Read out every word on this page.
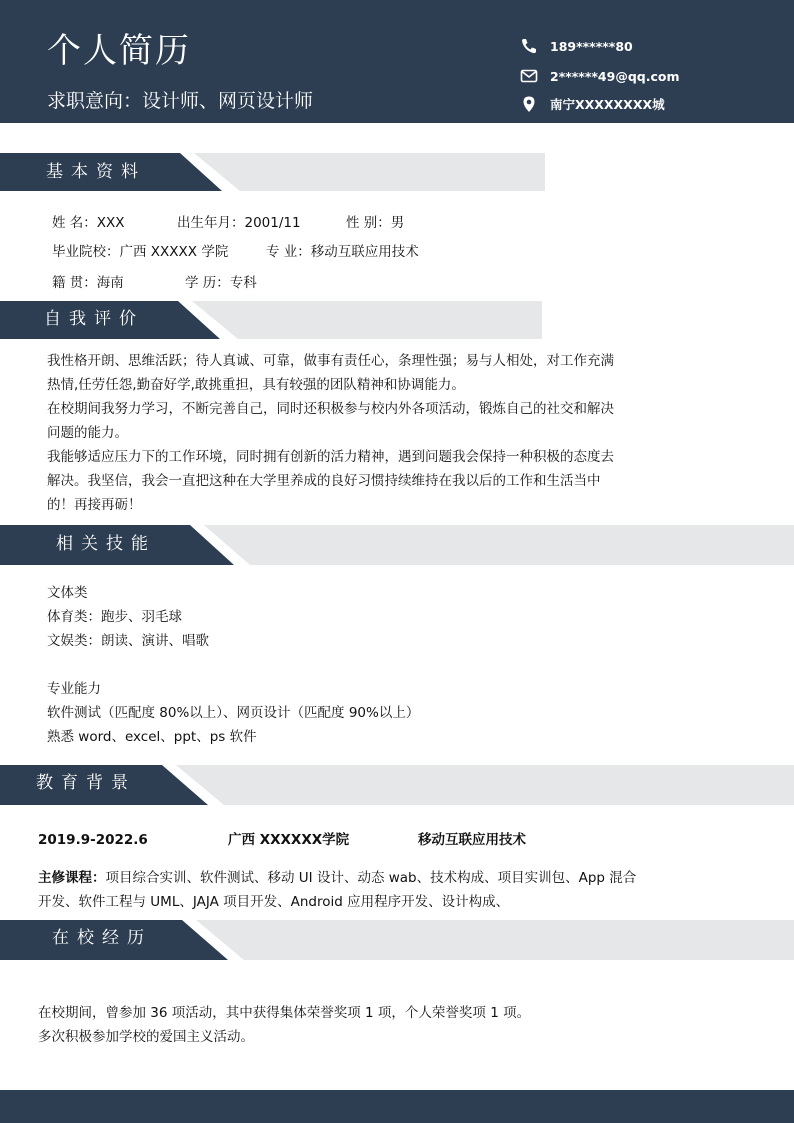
个人简历
求职意向：设计师、网页设计师
189******80
2******49@qq.com
南宁XXXXXXXX城
基本资料
姓 名：XXX	出生年月：2001/11	性 别：男
毕业院校：广西 XXXXX 学院	专 业：移动互联应用技术
籍 贯：海南	学 历：专科
自我评价
我性格开朗、思维活跃；待人真诚、可靠，做事有责任心，条理性强；易与人相处，对工作充满
热情,任劳任怨,勤奋好学,敢挑重担，具有较强的团队精神和协调能力。
在校期间我努力学习，不断完善自己，同时还积极参与校内外各项活动，锻炼自己的社交和解决
问题的能力。
我能够适应压力下的工作环境，同时拥有创新的活力精神，遇到问题我会保持一种积极的态度去
解决。我坚信，我会一直把这种在大学里养成的良好习惯持续维持在我以后的工作和生活当中
的！再接再砺！
相关技能
文体类
体育类：跑步、羽毛球
文娱类：朗读、演讲、唱歌
专业能力
软件测试（匹配度 80%以上）、网页设计（匹配度 90%以上）
熟悉 word、excel、ppt、ps 软件
教育背景
2019.9-2022.6	广西 XXXXXX学院	移动互联应用技术
主修课程：项目综合实训、软件测试、移动 UI 设计、动态 wab、技术构成、项目实训包、App 混合
开发、软件工程与 UML、JAJA 项目开发、Android 应用程序开发、设计构成、
在校经历
在校期间，曾参加 36 项活动，其中获得集体荣誉奖项 1 项，个人荣誉奖项 1 项。
多次积极参加学校的爱国主义活动。
